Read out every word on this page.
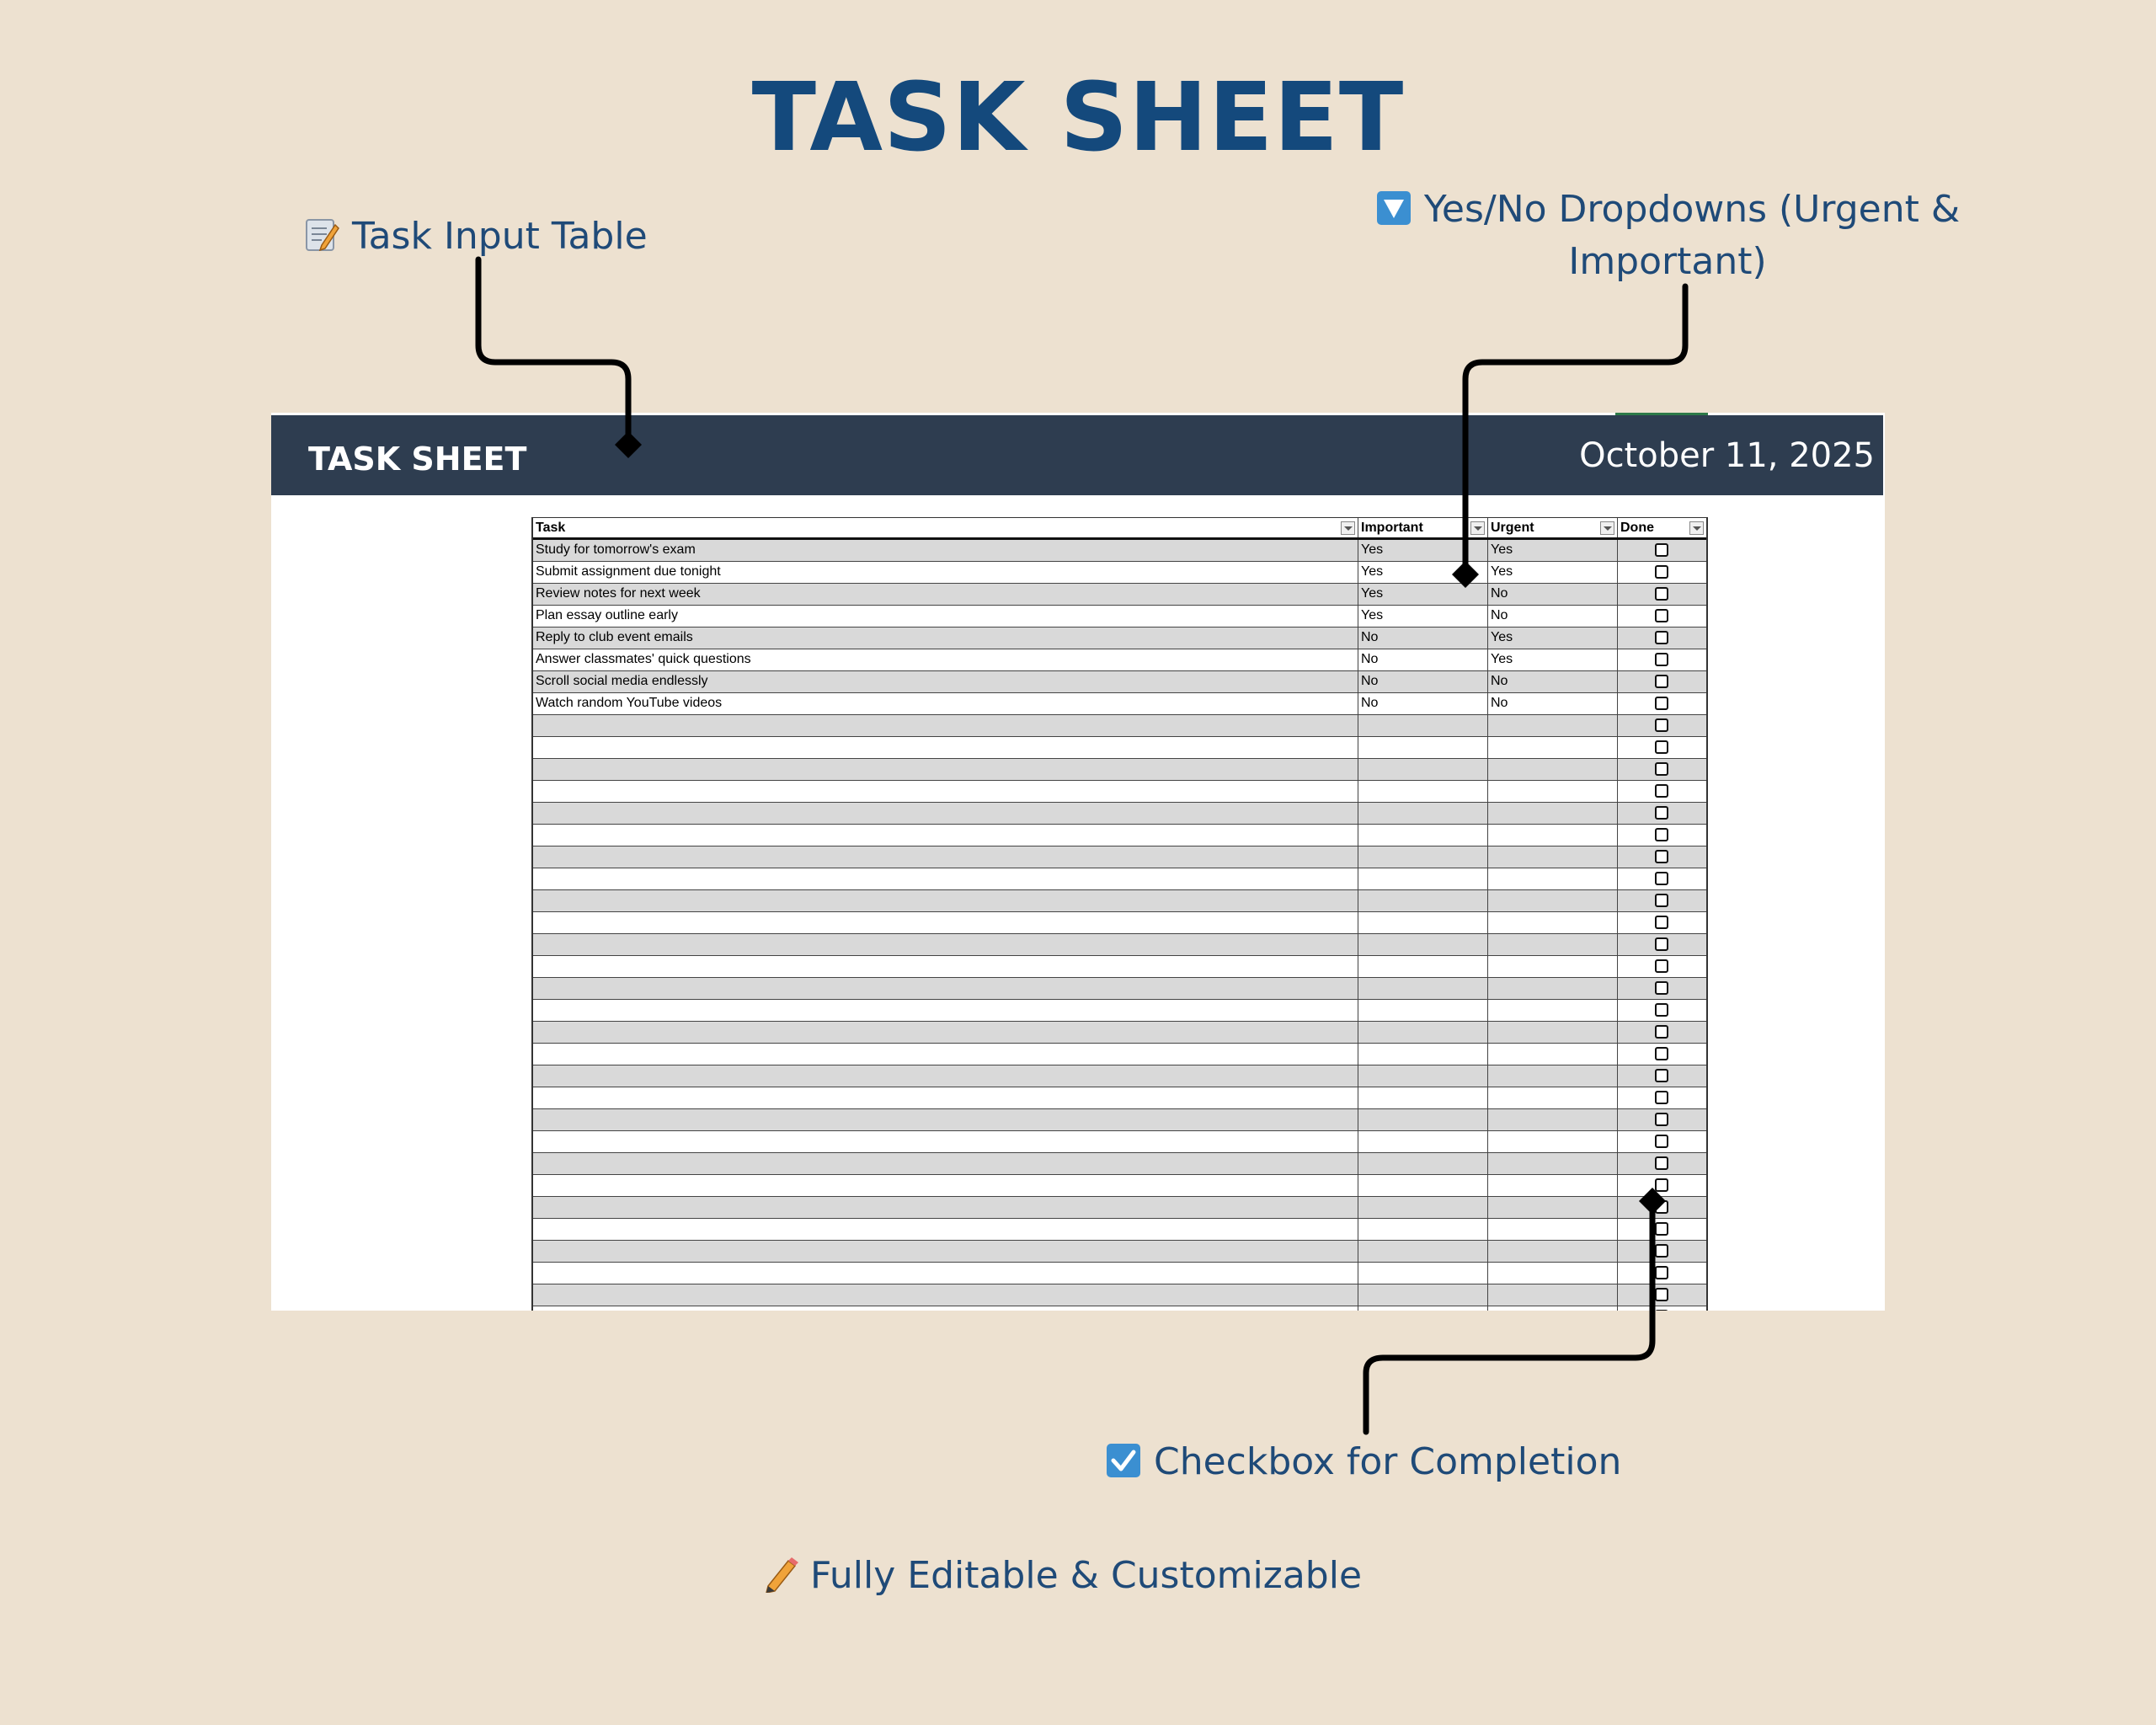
TASK SHEET
Task Input Table
Yes/No Dropdowns (Urgent &
Important)
Checkbox for Completion
Fully Editable & Customizable
TASK SHEET	October 11, 2025
Task	Important	Urgent	Done
Study for tomorrow's exam	Yes	Yes
Submit assignment due tonight	Yes	Yes
Review notes for next week	Yes	No
Plan essay outline early	Yes	No
Reply to club event emails	No	Yes
Answer classmates' quick questions	No	Yes
Scroll social media endlessly	No	No
Watch random YouTube videos	No	No
